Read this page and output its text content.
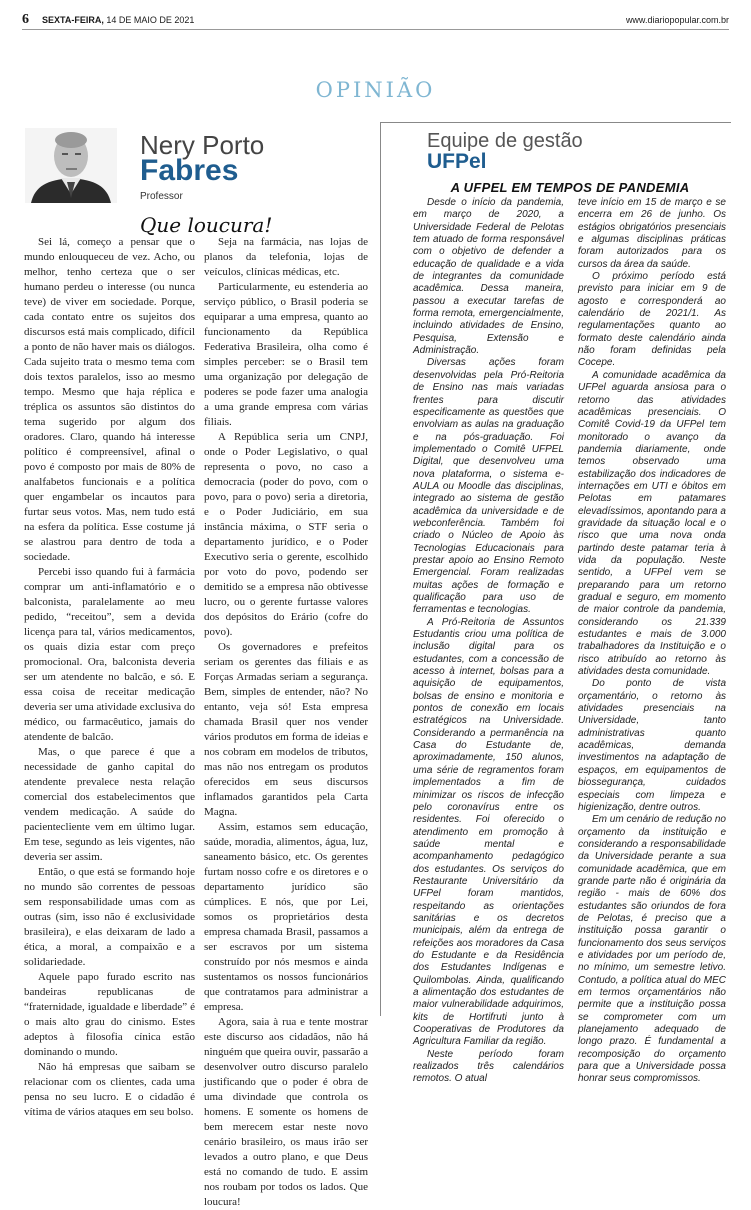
6 SEXTA-FEIRA, 14 DE MAIO DE 2021	www.diariopopular.com.br
OPINIÃO
Nery Porto
Fabres
Professor
Que loucura!

Sei lá, começo a pensar que o mundo enlouqueceu de vez. Acho, ou melhor, tenho certeza que o ser humano perdeu o interesse (ou nunca teve) de viver em sociedade. Porque, cada contato entre os sujeitos dos discursos está mais complicado, difícil a ponto de não haver mais os diálogos. Cada sujeito trata o mesmo tema com dois textos paralelos, isso ao mesmo tempo. Mesmo que haja réplica e tréplica os assuntos são distintos do tema sugerido por algum dos oradores. Claro, quando há interesse político é compreensível, afinal o povo é composto por mais de 80% de analfabetos funcionais e a política quer engambelar os incautos para furtar seus votos. Mas, nem tudo está na esfera da política. Esse costume já se alastrou para dentro de toda a sociedade.

Percebi isso quando fui à farmácia comprar um anti-inflamatório e o balconista, paralelamente ao meu pedido, “receitou”, sem a devida licença para tal, vários medicamentos, os quais dizia estar com preço promocional. Ora, balconista deveria ser um atendente no balcão, e só. E essa coisa de receitar medicação deveria ser uma atividade exclusiva do médico, ou farmacêutico, jamais do atendente de balcão.

Mas, o que parece é que a necessidade de ganho capital do atendente prevalece nesta relação comercial dos estabelecimentos que vendem medicação. A saúde do pacientecliente vem em último lugar. Em tese, segundo as leis vigentes, não deveria ser assim.

Então, o que está se formando hoje no mundo são correntes de pessoas sem responsabilidade umas com as outras (sim, isso não é exclusividade brasileira), e elas deixaram de lado a ética, a moral, a compaixão e a solidariedade.

Aquele papo furado escrito nas bandeiras republicanas de “fraternidade, igualdade e liberdade” é o mais alto grau do cinismo. Estes adeptos à filosofia cínica estão dominando o mundo.

Não há empresas que saibam se relacionar com os clientes, cada uma pensa no seu lucro. E o cidadão é vítima de vários ataques em seu bolso.

Seja na farmácia, nas lojas de planos da telefonia, lojas de veículos, clínicas médicas, etc.

Particularmente, eu estenderia ao serviço público, o Brasil poderia se equiparar a uma empresa, quanto ao funcionamento da República Federativa Brasileira, olha como é simples perceber: se o Brasil tem uma organização por delegação de poderes se pode fazer uma analogia a uma grande empresa com várias filiais.

A República seria um CNPJ, onde o Poder Legislativo, o qual representa o povo, no caso a democracia (poder do povo, com o povo, para o povo) seria a diretoria, e o Poder Judiciário, em sua instância máxima, o STF seria o departamento jurídico, e o Poder Executivo seria o gerente, escolhido por voto do povo, podendo ser demitido se a empresa não obtivesse lucro, ou o gerente furtasse valores dos depósitos do Erário (cofre do povo).

Os governadores e prefeitos seriam os gerentes das filiais e as Forças Armadas seriam a segurança. Bem, simples de entender, não? No entanto, veja só! Esta empresa chamada Brasil quer nos vender vários produtos em forma de ideias e nos cobram em modelos de tributos, mas não nos entregam os produtos oferecidos em seus discursos inflamados garantidos pela Carta Magna.

Assim, estamos sem educação, saúde, moradia, alimentos, água, luz, saneamento básico, etc. Os gerentes furtam nosso cofre e os diretores e o departamento jurídico são cúmplices. E nós, que por Lei, somos os proprietários desta empresa chamada Brasil, passamos a ser escravos por um sistema construído por nós mesmos e ainda sustentamos os nossos funcionários que contratamos para administrar a empresa.

Agora, saia à rua e tente mostrar este discurso aos cidadãos, não há ninguém que queira ouvir, passarão a desenvolver outro discurso paralelo justificando que o poder é obra de uma divindade que controla os homens. E somente os homens de bem merecem estar neste novo cenário brasileiro, os maus irão ser levados a outro plano, e que Deus está no comando de tudo. E assim nos roubam por todos os lados. Que loucura!

Equipe de gestão
UFPel
A UFPEL EM TEMPOS DE PANDEMIA

Desde o início da pandemia, em março de 2020, a Universidade Federal de Pelotas tem atuado de forma responsável com o objetivo de defender a educação de qualidade e a vida de integrantes da comunidade acadêmica. Dessa maneira, passou a executar tarefas de forma remota, emergencialmente, incluindo atividades de Ensino, Pesquisa, Extensão e Administração.

Diversas ações foram desenvolvidas pela Pró-Reitoria de Ensino nas mais variadas frentes para discutir especificamente as questões que envolviam as aulas na graduação e na pós-graduação. Foi implementado o Comitê UFPEL Digital, que desenvolveu uma nova plataforma, o sistema e-AULA ou Moodle das disciplinas, integrado ao sistema de gestão acadêmica da universidade e de webconferência. Também foi criado o Núcleo de Apoio às Tecnologias Educacionais para prestar apoio ao Ensino Remoto Emergencial. Foram realizadas muitas ações de formação e qualificação para uso de ferramentas e tecnologias.

A Pró-Reitoria de Assuntos Estudantis criou uma política de inclusão digital para os estudantes, com a concessão de acesso à internet, bolsas para a aquisição de equipamentos, bolsas de ensino e monitoria e pontos de conexão em locais estratégicos na Universidade. Considerando a permanência na Casa do Estudante de, aproximadamente, 150 alunos, uma série de regramentos foram implementados a fim de minimizar os riscos de infecção pelo coronavírus entre os residentes. Foi oferecido o atendimento em promoção à saúde mental e acompanhamento pedagógico dos estudantes. Os serviços do Restaurante Universitário da UFPel foram mantidos, respeitando as orientações sanitárias e os decretos municipais, além da entrega de refeições aos moradores da Casa do Estudante e da Residência dos Estudantes Indígenas e Quilombolas. Ainda, qualificando a alimentação dos estudantes de maior vulnerabilidade adquirimos, kits de Hortifruti junto à Cooperativas de Produtores da Agricultura Familiar da região.

Neste período foram realizados três calendários remotos. O atual

teve início em 15 de março e se encerra em 26 de junho. Os estágios obrigatórios presenciais e algumas disciplinas práticas foram autorizados para os cursos da área da saúde.

O próximo período está previsto para iniciar em 9 de agosto e corresponderá ao calendário de 2021/1. As regulamentações quanto ao formato deste calendário ainda não foram definidas pela Cocepe.

A comunidade acadêmica da UFPel aguarda ansiosa para o retorno das atividades acadêmicas presenciais. O Comitê Covid-19 da UFPel tem monitorado o avanço da pandemia diariamente, onde temos observado uma estabilização dos indicadores de internações em UTI e óbitos em Pelotas em patamares elevadíssimos, apontando para a gravidade da situação local e o risco que uma nova onda partindo deste patamar teria à vida da população. Neste sentido, a UFPel vem se preparando para um retorno gradual e seguro, em momento de maior controle da pandemia, considerando os 21.339 estudantes e mais de 3.000 trabalhadores da Instituição e o risco atribuído ao retorno às atividades desta comunidade.

Do ponto de vista orçamentário, o retorno às atividades presenciais na Universidade, tanto administrativas quanto acadêmicas, demanda investimentos na adaptação de espaços, em equipamentos de biossegurança, cuidados especiais com limpeza e higienização, dentre outros.

Em um cenário de redução no orçamento da instituição e considerando a responsabilidade da Universidade perante a sua comunidade acadêmica, que em grande parte não é originária da região - mais de 60% dos estudantes são oriundos de fora de Pelotas, é preciso que a instituição possa garantir o funcionamento dos seus serviços e atividades por um período de, no mínimo, um semestre letivo. Contudo, a política atual do MEC em termos orçamentários não permite que a instituição possa se comprometer com um planejamento adequado de longo prazo. É fundamental a recomposição do orçamento para que a Universidade possa honrar seus compromissos.
